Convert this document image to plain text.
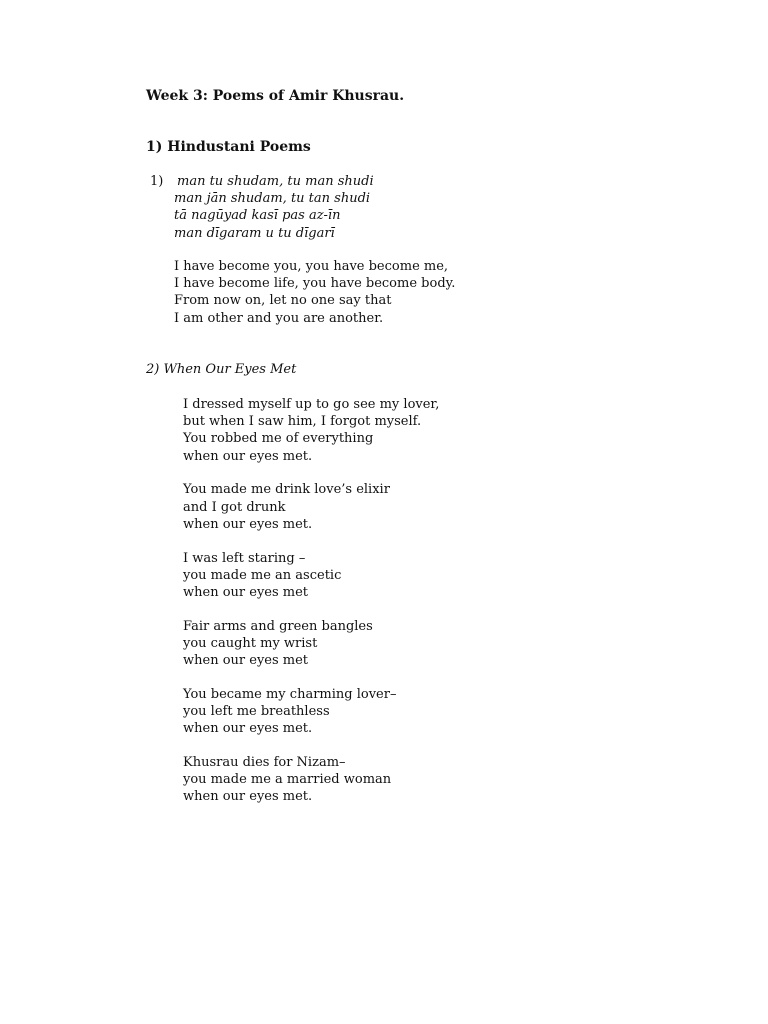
Week 3: Poems of Amir Khusrau.
1) Hindustani Poems
1) man tu shudam, tu man shudi
man jān shudam, tu tan shudi
tā nagūyad kasī pas az-īn
man dīgaram u tu dīgarī
I have become you, you have become me,
I have become life, you have become body.
From now on, let no one say that
I am other and you are another.
2) When Our Eyes Met
I dressed myself up to go see my lover,
but when I saw him, I forgot myself.
You robbed me of everything
when our eyes met.
You made me drink love’s elixir
and I got drunk
when our eyes met.
I was left staring –
you made me an ascetic
when our eyes met
Fair arms and green bangles
you caught my wrist
when our eyes met
You became my charming lover–
you left me breathless
when our eyes met.
Khusrau dies for Nizam–
you made me a married woman
when our eyes met.
